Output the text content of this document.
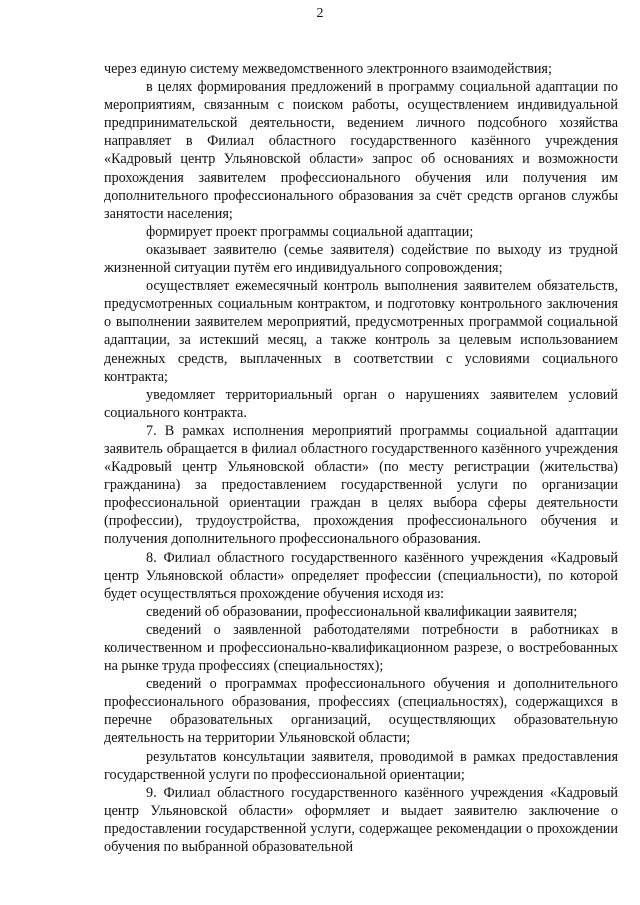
2

через единую систему межведомственного электронного взаимодействия;

в целях формирования предложений в программу социальной адаптации по мероприятиям, связанным с поиском работы, осуществлением индивидуальной предпринимательской деятельности, ведением личного подсобного хозяйства направляет в Филиал областного государственного казённого учреждения «Кадровый центр Ульяновской области» запрос об основаниях и возможности прохождения заявителем профессионального обучения или получения им дополнительного профессионального образования за счёт средств органов службы занятости населения;

формирует проект программы социальной адаптации;

оказывает заявителю (семье заявителя) содействие по выходу из трудной жизненной ситуации путём его индивидуального сопровождения;

осуществляет ежемесячный контроль выполнения заявителем обязательств, предусмотренных социальным контрактом, и подготовку контрольного заключения о выполнении заявителем мероприятий, предусмотренных программой социальной адаптации, за истекший месяц, а также контроль за целевым использованием денежных средств, выплаченных в соответствии с условиями социального контракта;

уведомляет территориальный орган о нарушениях заявителем условий социального контракта.

7. В рамках исполнения мероприятий программы социальной адаптации заявитель обращается в филиал областного государственного казённого учреждения «Кадровый центр Ульяновской области» (по месту регистрации (жительства) гражданина) за предоставлением государственной услуги по организации профессиональной ориентации граждан в целях выбора сферы деятельности (профессии), трудоустройства, прохождения профессионального обучения и получения дополнительного профессионального образования.

8. Филиал областного государственного казённого учреждения «Кадровый центр Ульяновской области» определяет профессии (специальности), по которой будет осуществляться прохождение обучения исходя из:

сведений об образовании, профессиональной квалификации заявителя;

сведений о заявленной работодателями потребности в работниках в количественном и профессионально-квалификационном разрезе, о востребованных на рынке труда профессиях (специальностях);

сведений о программах профессионального обучения и дополнительного профессионального образования, профессиях (специальностях), содержащихся в перечне образовательных организаций, осуществляющих образовательную деятельность на территории Ульяновской области;

результатов консультации заявителя, проводимой в рамках предоставления государственной услуги по профессиональной ориентации;

9. Филиал областного государственного казённого учреждения «Кадровый центр Ульяновской области» оформляет и выдает заявителю заключение о предоставлении государственной услуги, содержащее рекомендации о прохождении обучения по выбранной образовательной
